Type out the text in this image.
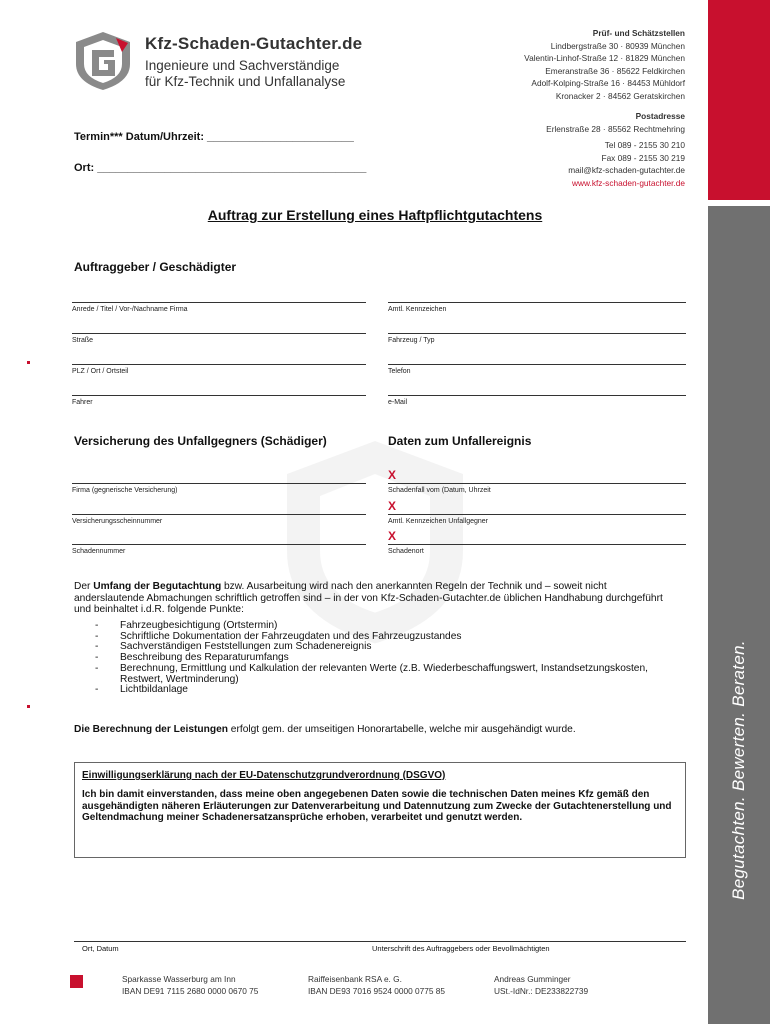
Begutachten. Bewerten. Beraten.
Kfz-Schaden-Gutachter.de
Ingenieure und Sachverständige
für Kfz-Technik und Unfallanalyse
Prüf- und Schätzstellen
Lindbergstraße 30 · 80939 München
Valentin-Linhof-Straße 12 · 81829 München
Emeranstraße 36 · 85622 Feldkirchen
Adolf-Kolping-Straße 16 · 84453 Mühldorf
Kronacker 2 · 84562 Geratskirchen
Postadresse
Erlenstraße 28 · 85562 Rechtmehring
Tel 089 - 2155 30 210
Fax 089 - 2155 30 219
mail@kfz-schaden-gutachter.de
www.kfz-schaden-gutachter.de
Termin*** Datum/Uhrzeit: ________________________
Ort: ____________________________________________
Auftrag zur Erstellung eines Haftpflichtgutachtens
Auftraggeber / Geschädigter
Anrede / Titel / Vor-/Nachname Firma
Straße
PLZ / Ort / Ortsteil
Fahrer
Amtl. Kennzeichen
Fahrzeug / Typ
Telefon
e-Mail
Versicherung des Unfallgegners (Schädiger)	Daten zum Unfallereignis
Firma (gegnerische Versicherung)
Versicherungsscheinnummer
Schadennummer
X
Schadenfall vom (Datum, Uhrzeit
X
Amtl. Kennzeichen Unfallgegner
X
Schadenort
Der Umfang der Begutachtung bzw. Ausarbeitung wird nach den anerkannten Regeln der Technik und – soweit nicht anderslautende Abmachungen schriftlich getroffen sind – in der von Kfz-Schaden-Gutachter.de üblichen Handhabung durchgeführt und beinhaltet i.d.R. folgende Punkte:
- Fahrzeugbesichtigung (Ortstermin)
- Schriftliche Dokumentation der Fahrzeugdaten und des Fahrzeugzustandes
- Sachverständigen Feststellungen zum Schadenereignis
- Beschreibung des Reparaturumfangs
- Berechnung, Ermittlung und Kalkulation der relevanten Werte (z.B. Wiederbeschaffungswert, Instandsetzungskosten, Restwert, Wertminderung)
- Lichtbildanlage
Die Berechnung der Leistungen erfolgt gem. der umseitigen Honorartabelle, welche mir ausgehändigt wurde.
Einwilligungserklärung nach der EU-Datenschutzgrundverordnung (DSGVO)
Ich bin damit einverstanden, dass meine oben angegebenen Daten sowie die technischen Daten meines Kfz gemäß den ausgehändigten näheren Erläuterungen zur Datenverarbeitung und Datennutzung zum Zwecke der Gutachtenerstellung und Geltendmachung meiner Schadenersatzansprüche erhoben, verarbeitet und genutzt werden.
Ort, Datum	Unterschrift des Auftraggebers oder Bevollmächtigten
Sparkasse Wasserburg am Inn
IBAN DE91 7115 2680 0000 0670 75
Raiffeisenbank RSA e. G.
IBAN DE93 7016 9524 0000 0775 85
Andreas Gumminger
USt.-IdNr.: DE233822739
